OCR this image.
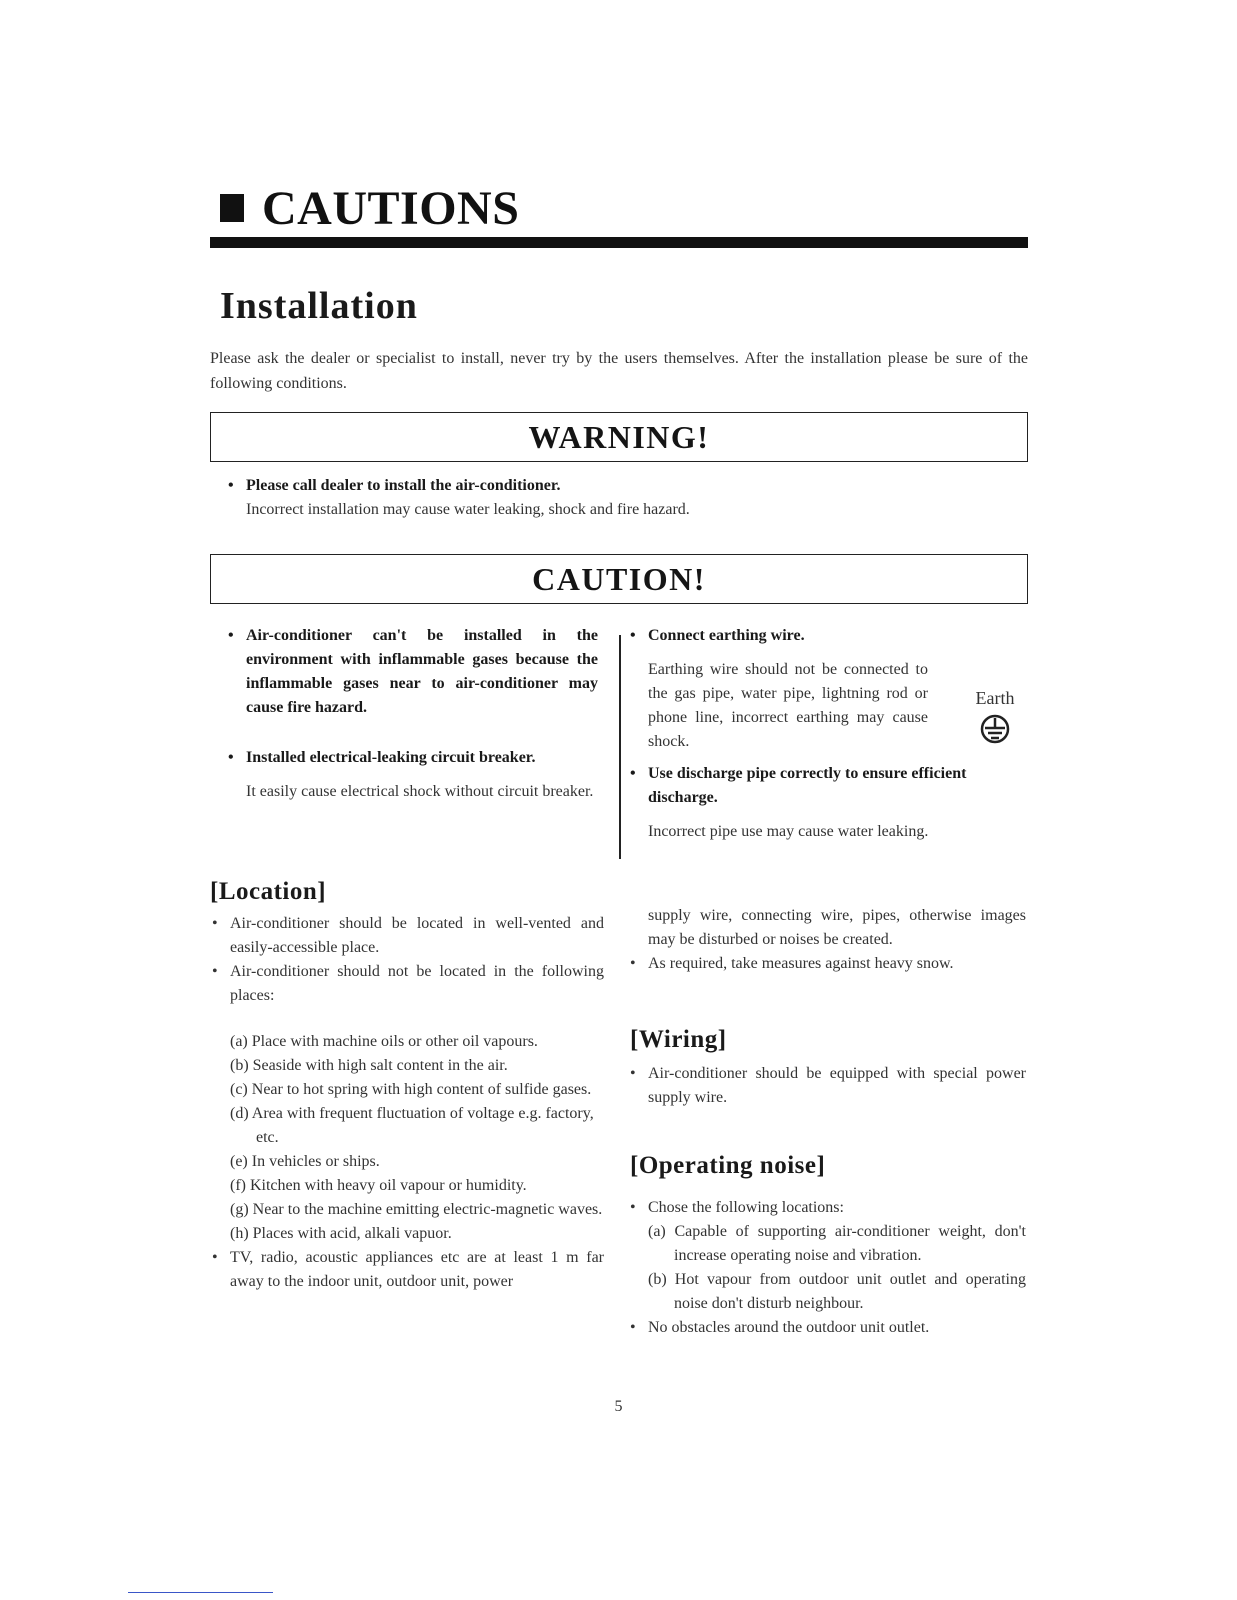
CAUTIONS
Installation
Please ask the dealer or specialist to install, never try by the users themselves. After the installation please be sure of the following conditions.
WARNING!
• Please call dealer to install the air-conditioner.
Incorrect installation may cause water leaking, shock and fire hazard.
CAUTION!
• Air-conditioner can't be installed in the environment with inflammable gases because the inflammable gases near to air-conditioner may cause fire hazard.
• Installed electrical-leaking circuit breaker.
It easily cause electrical shock without circuit breaker.
• Connect earthing wire.
Earthing wire should not be connected to the gas pipe, water pipe, lightning rod or phone line, incorrect earthing may cause shock.
• Use discharge pipe correctly to ensure efficient discharge.
Incorrect pipe use may cause water leaking.
Earth
[Location]
• Air-conditioner should be located in well-vented and easily-accessible place.
• Air-conditioner should not be located in the following places:
(a) Place with machine oils or other oil vapours.
(b) Seaside with high salt content in the air.
(c) Near to hot spring with high content of sulfide gases.
(d) Area with frequent fluctuation of voltage e.g. factory, etc.
(e) In vehicles or ships.
(f) Kitchen with heavy oil vapour or humidity.
(g) Near to the machine emitting electric-magnetic waves.
(h) Places with acid, alkali vapuor.
• TV, radio, acoustic appliances etc are at least 1 m far away to the indoor unit, outdoor unit, power
supply wire, connecting wire, pipes, otherwise images may be disturbed or noises be created.
• As required, take measures against heavy snow.
[Wiring]
• Air-conditioner should be equipped with special power supply wire.
[Operating noise]
• Chose the following locations:
(a) Capable of supporting air-conditioner weight, don't increase operating noise and vibration.
(b) Hot vapour from outdoor unit outlet and operating noise don't disturb neighbour.
• No obstacles around the outdoor unit outlet.
5
